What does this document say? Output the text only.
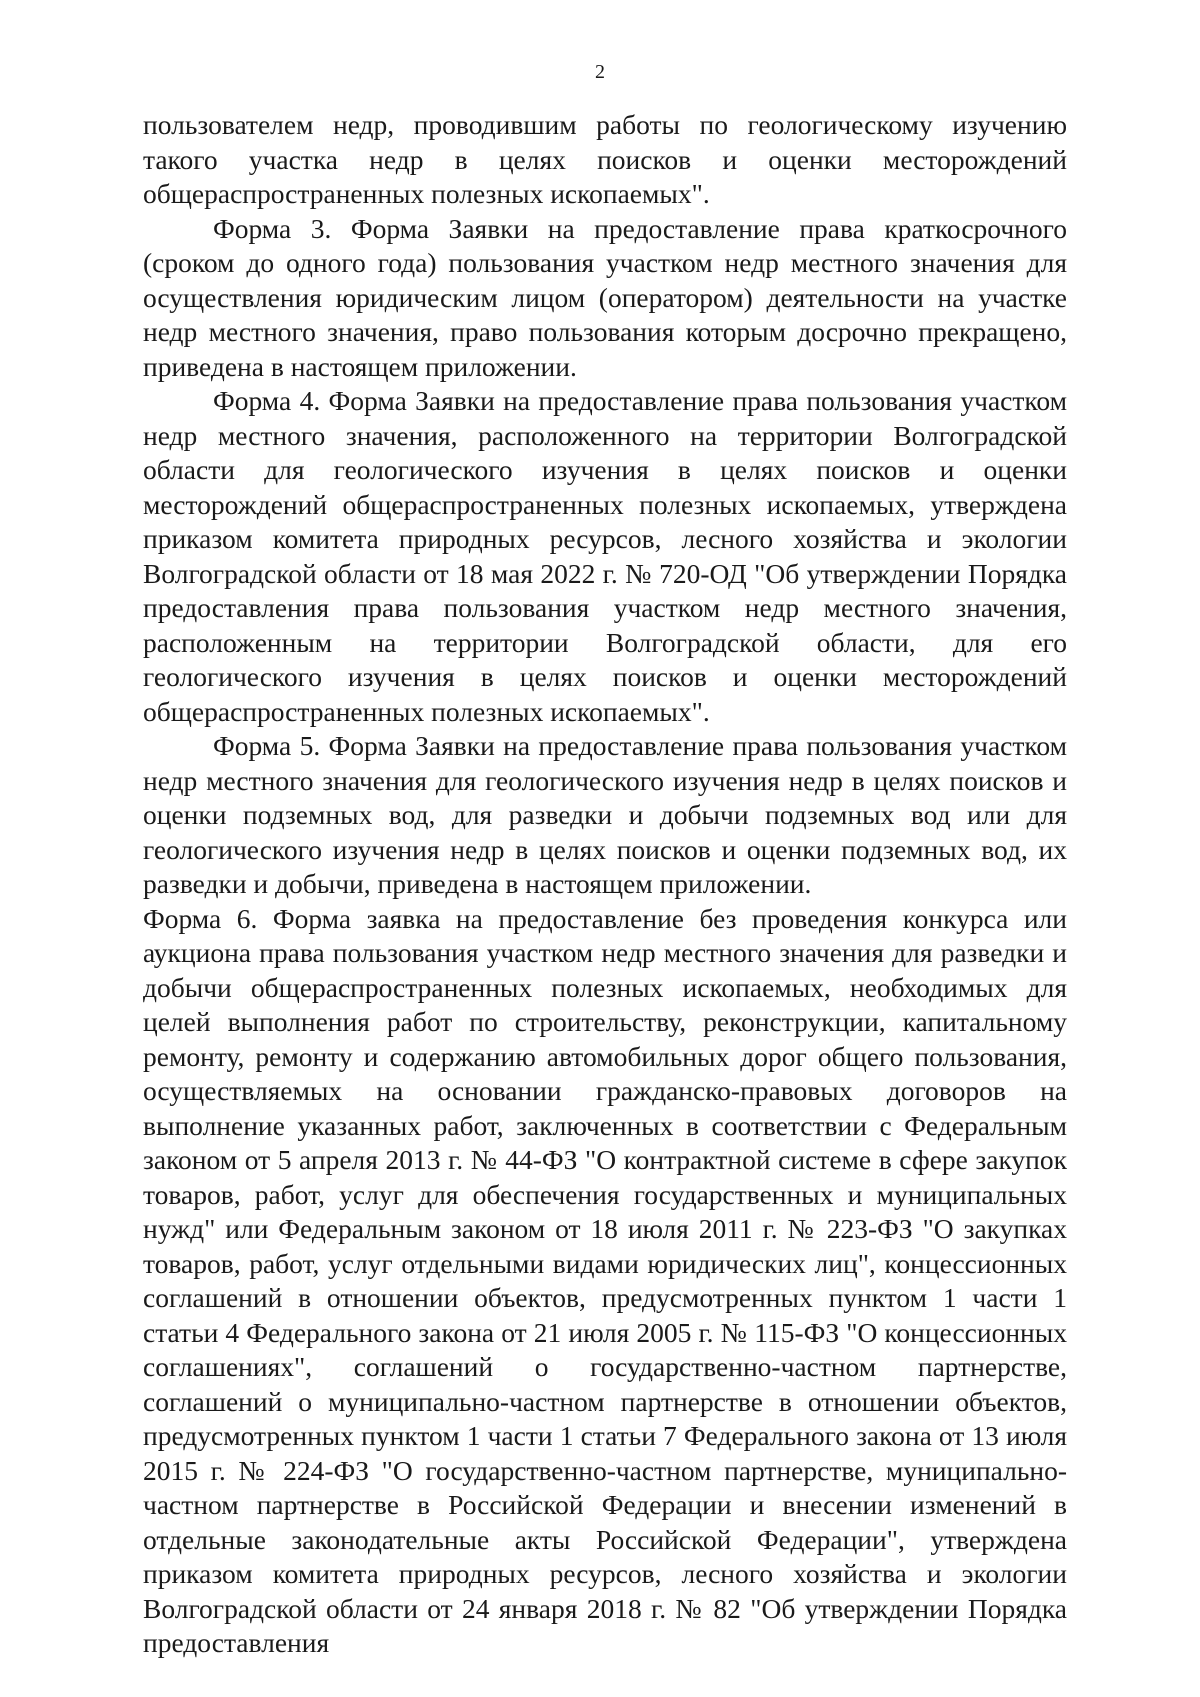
2

пользователем недр, проводившим работы по геологическому изучению такого участка недр в целях поисков и оценки месторождений общераспространенных полезных ископаемых".

Форма 3. Форма Заявки на предоставление права краткосрочного (сроком до одного года) пользования участком недр местного значения для осуществления юридическим лицом (оператором) деятельности на участке недр местного значения, право пользования которым досрочно прекращено, приведена в настоящем приложении.

Форма 4. Форма Заявки на предоставление права пользования участком недр местного значения, расположенного на территории Волгоградской области для геологического изучения в целях поисков и оценки месторождений общераспространенных полезных ископаемых, утверждена приказом комитета природных ресурсов, лесного хозяйства и экологии Волгоградской области от 18 мая 2022 г. № 720-ОД "Об утверждении Порядка предоставления права пользования участком недр местного значения, расположенным на территории Волгоградской области, для его геологического изучения в целях поисков и оценки месторождений общераспространенных полезных ископаемых".

Форма 5. Форма Заявки на предоставление права пользования участком недр местного значения для геологического изучения недр в целях поисков и оценки подземных вод, для разведки и добычи подземных вод или для геологического изучения недр в целях поисков и оценки подземных вод, их разведки и добычи, приведена в настоящем приложении.

Форма 6. Форма заявка на предоставление без проведения конкурса или аукциона права пользования участком недр местного значения для разведки и добычи общераспространенных полезных ископаемых, необходимых для целей выполнения работ по строительству, реконструкции, капитальному ремонту, ремонту и содержанию автомобильных дорог общего пользования, осуществляемых на основании гражданско-правовых договоров на выполнение указанных работ, заключенных в соответствии с Федеральным законом от 5 апреля 2013 г. № 44-ФЗ "О контрактной системе в сфере закупок товаров, работ, услуг для обеспечения государственных и муниципальных нужд" или Федеральным законом от 18 июля 2011 г. № 223-ФЗ "О закупках товаров, работ, услуг отдельными видами юридических лиц", концессионных соглашений в отношении объектов, предусмотренных пунктом 1 части 1 статьи 4 Федерального закона от 21 июля 2005 г. № 115-ФЗ "О концессионных соглашениях", соглашений о государственно-частном партнерстве, соглашений о муниципально-частном партнерстве в отношении объектов, предусмотренных пунктом 1 части 1 статьи 7 Федерального закона от 13 июля 2015 г. № 224-ФЗ "О государственно-частном партнерстве, муниципально-частном партнерстве в Российской Федерации и внесении изменений в отдельные законодательные акты Российской Федерации", утверждена приказом комитета природных ресурсов, лесного хозяйства и экологии Волгоградской области от 24 января 2018 г. № 82 "Об утверждении Порядка предоставления
